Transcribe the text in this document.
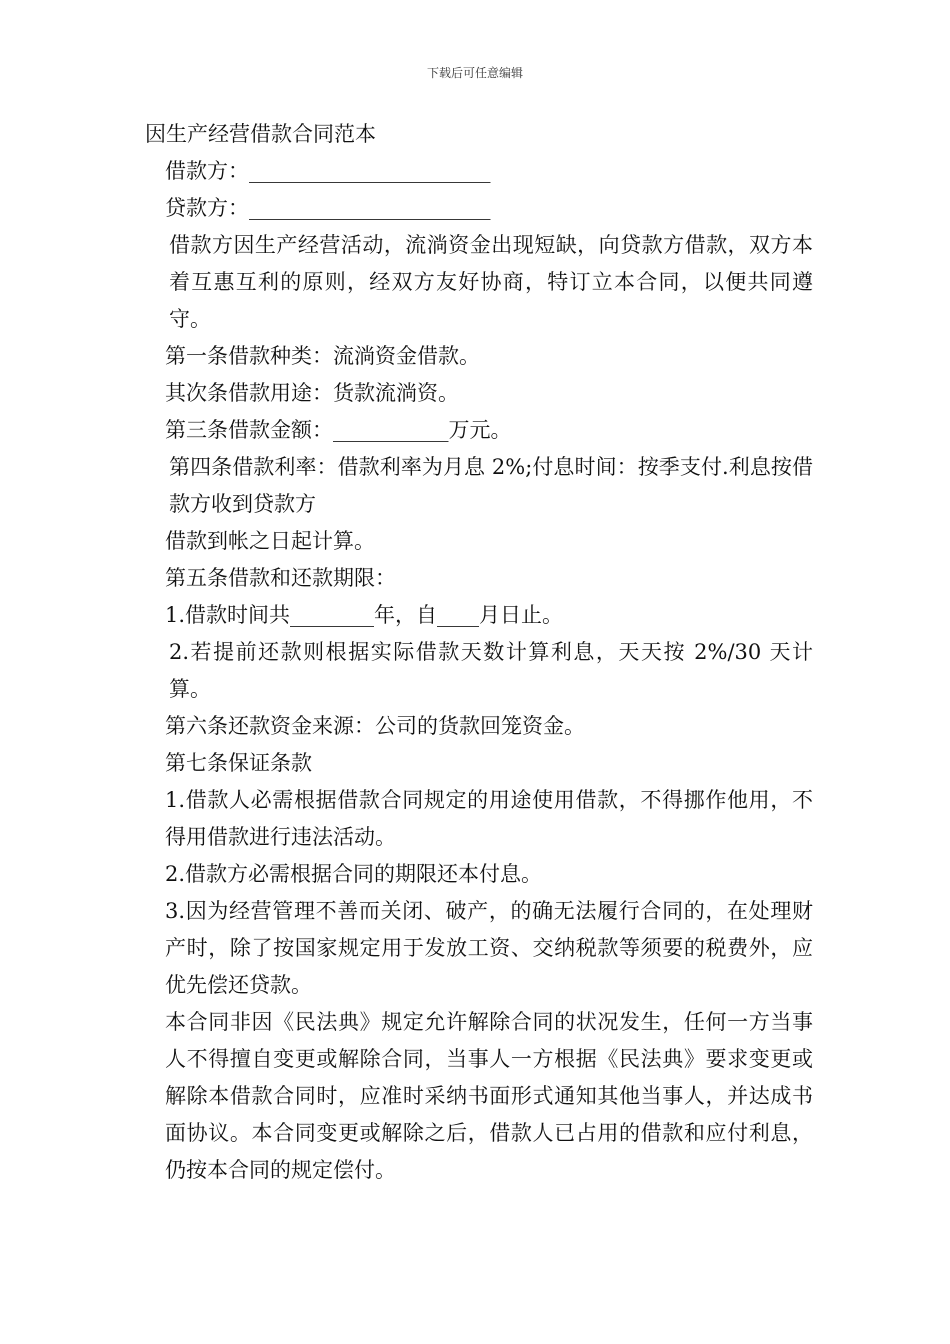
下载后可任意编辑

因生产经营借款合同范本

借款方：_______________________

贷款方：_______________________

借款方因生产经营活动，流淌资金出现短缺，向贷款方借款，双方本着互惠互利的原则，经双方友好协商，特订立本合同，以便共同遵守。

第一条借款种类：流淌资金借款。

其次条借款用途：货款流淌资。

第三条借款金额：___________万元。

第四条借款利率：借款利率为月息 2%;付息时间：按季支付.利息按借款方收到贷款方

借款到帐之日起计算。

第五条借款和还款期限：

1.借款时间共________年，自____月日止。

2.若提前还款则根据实际借款天数计算利息，天天按 2%/30 天计算。

第六条还款资金来源：公司的货款回笼资金。

第七条保证条款

1.借款人必需根据借款合同规定的用途使用借款，不得挪作他用，不得用借款进行违法活动。

2.借款方必需根据合同的期限还本付息。

3.因为经营管理不善而关闭、破产，的确无法履行合同的，在处理财产时，除了按国家规定用于发放工资、交纳税款等须要的税费外，应优先偿还贷款。

本合同非因《民法典》规定允许解除合同的状况发生，任何一方当事人不得擅自变更或解除合同，当事人一方根据《民法典》要求变更或解除本借款合同时，应准时采纳书面形式通知其他当事人，并达成书面协议。本合同变更或解除之后，借款人已占用的借款和应付利息，仍按本合同的规定偿付。
